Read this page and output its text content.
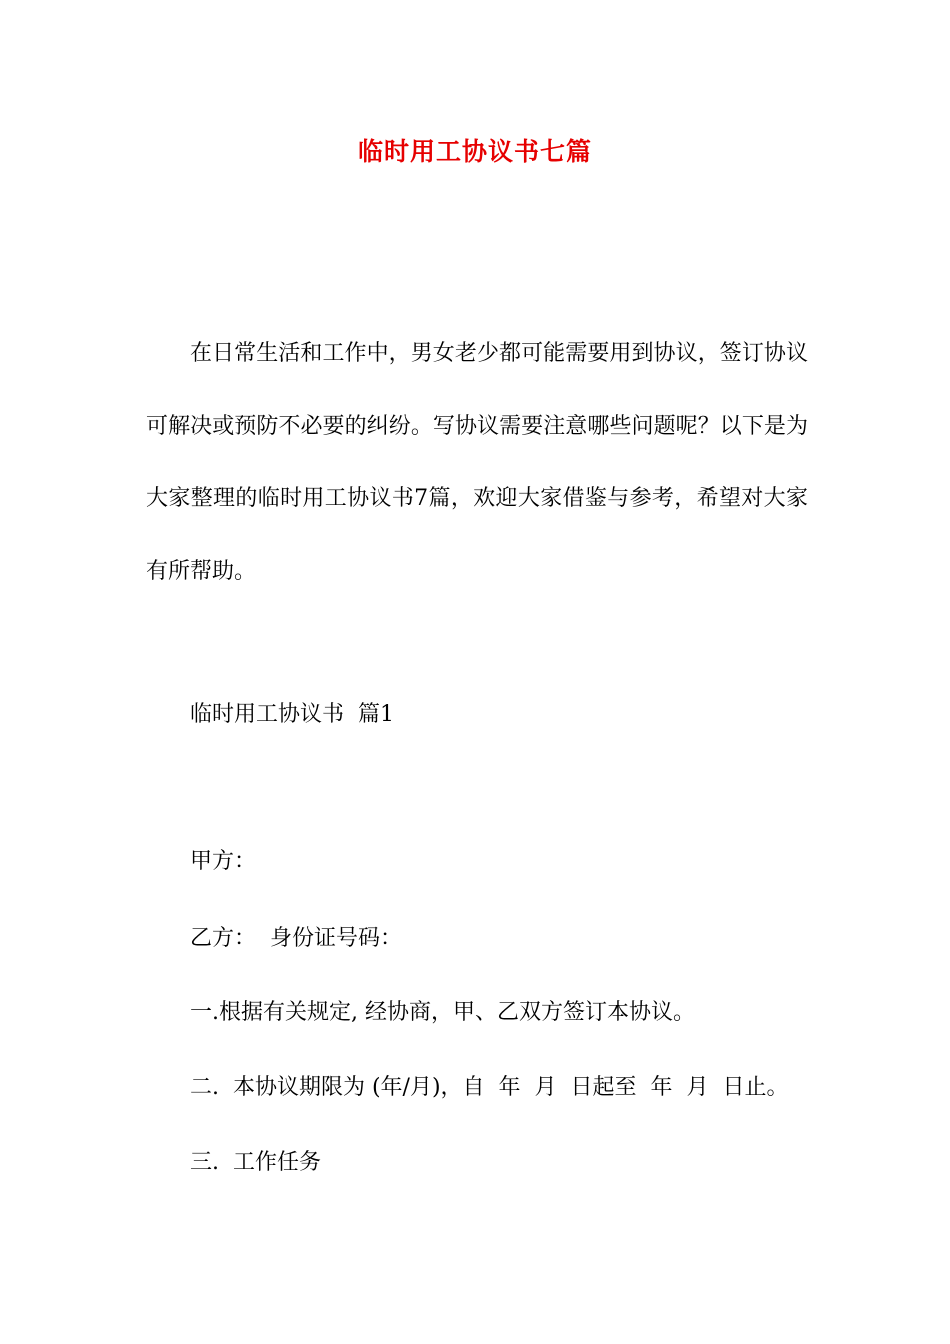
临时用工协议书七篇

在日常生活和工作中，男女老少都可能需要用到协议，签订协议可解决或预防不必要的纠纷。写协议需要注意哪些问题呢？以下是为大家整理的临时用工协议书7篇，欢迎大家借鉴与参考，希望对大家有所帮助。

临时用工协议书  篇1

甲方：

乙方：  身份证号码：

一.根据有关规定, 经协商，甲、乙双方签订本协议。

二.  本协议期限为 (年/月)，自  年  月  日起至  年  月  日止。

三.  工作任务
